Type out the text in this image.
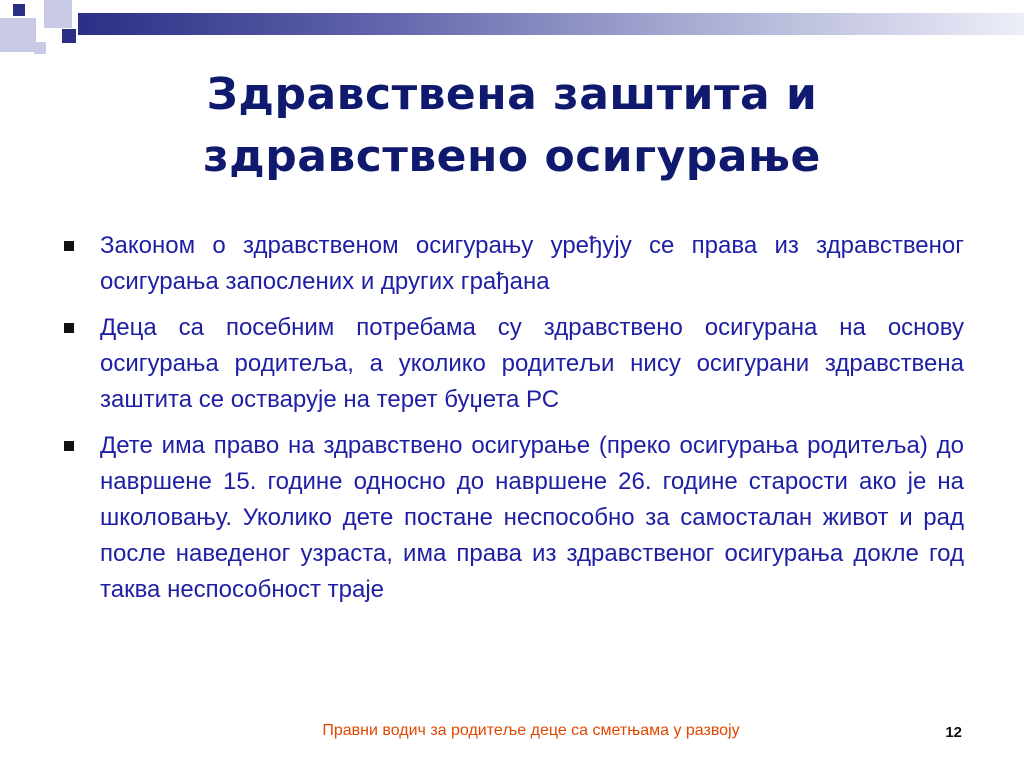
Здравствена заштита и
здравствено осигурање
Законом о здравственом осигурању уређују се права из здравственог осигурања запослених и других грађана
Деца са посебним потребама су здравствено осигурана на основу осигурања родитеља, а уколико родитељи нису осигурани здравствена заштита се остварује на терет буџета РС
Дете има право на здравствено осигурање (преко осигурања родитеља) до навршене 15. године односно до навршене 26. године старости ако је на школовању. Уколико дете постане неспособно за самосталан живот и рад после наведеног узраста, има права из здравственог осигурања докле год таква неспособност траје
Правни водич за родитеље деце са сметњама у развоју	12
